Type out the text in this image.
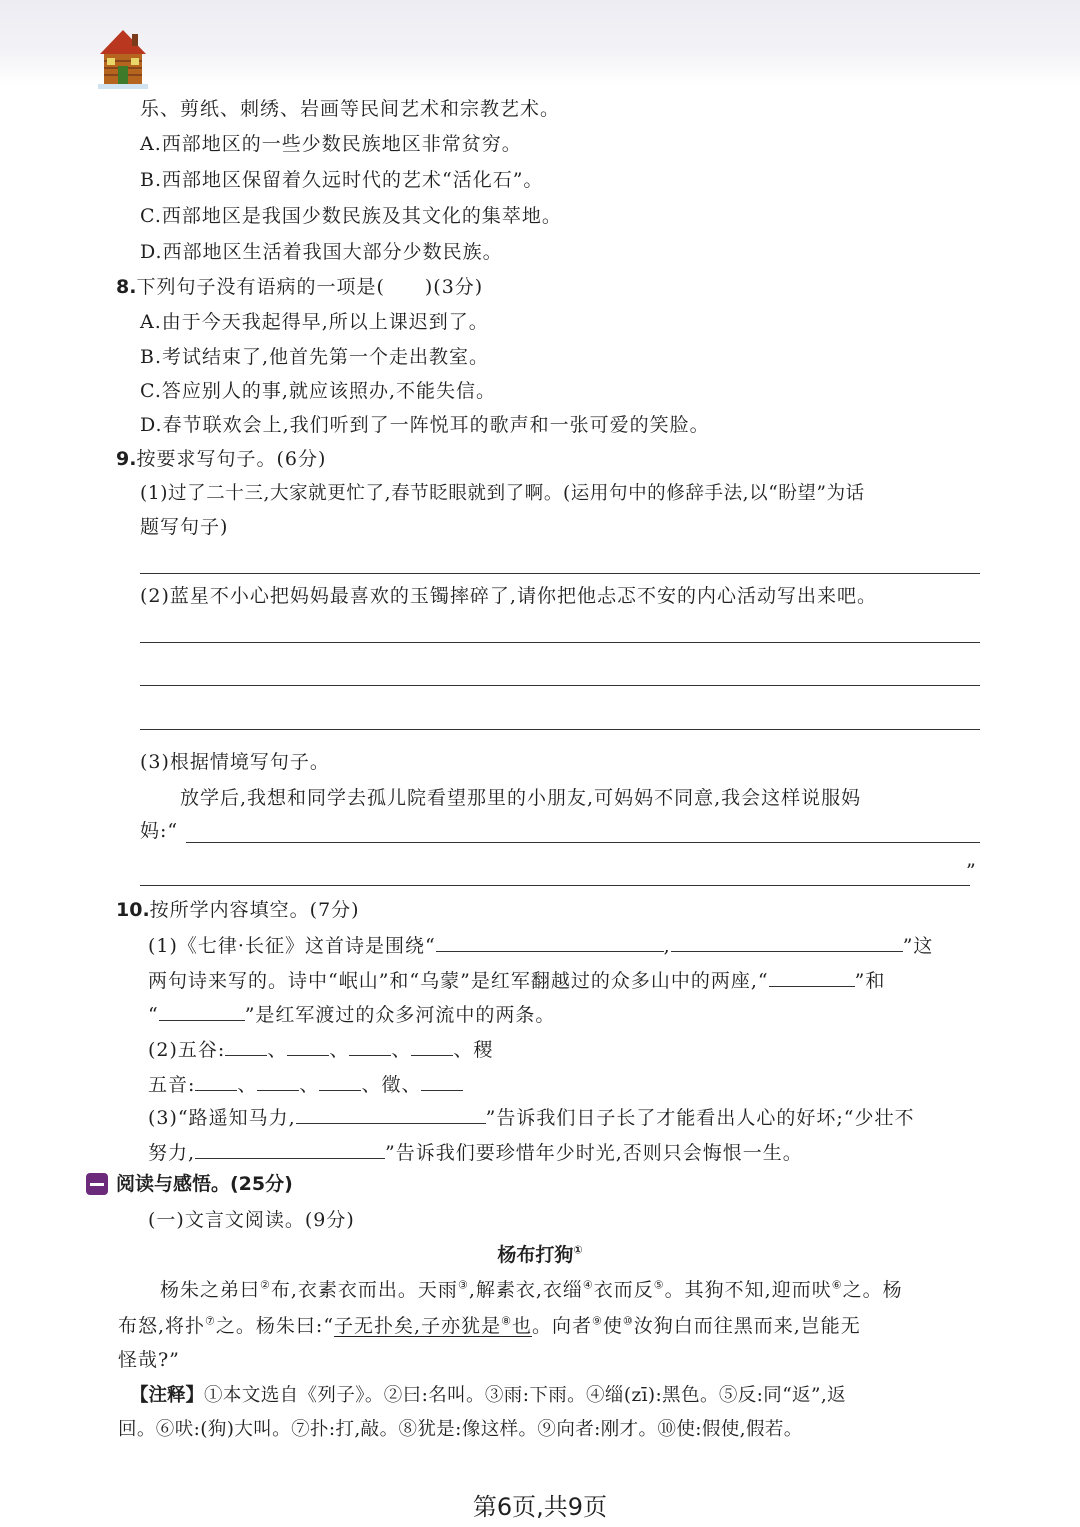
乐、剪纸、刺绣、岩画等民间艺术和宗教艺术。
A.西部地区的一些少数民族地区非常贫穷。
B.西部地区保留着久远时代的艺术“活化石”。
C.西部地区是我国少数民族及其文化的集萃地。
D.西部地区生活着我国大部分少数民族。
8.下列句子没有语病的一项是(　　)(3分)
A.由于今天我起得早,所以上课迟到了。
B.考试结束了,他首先第一个走出教室。
C.答应别人的事,就应该照办,不能失信。
D.春节联欢会上,我们听到了一阵悦耳的歌声和一张可爱的笑脸。
9.按要求写句子。(6分)
(1)过了二十三,大家就更忙了,春节眨眼就到了啊。(运用句中的修辞手法,以“盼望”为话
题写句子)
(2)蓝星不小心把妈妈最喜欢的玉镯摔碎了,请你把他忐忑不安的内心活动写出来吧。
(3)根据情境写句子。
放学后,我想和同学去孤儿院看望那里的小朋友,可妈妈不同意,我会这样说服妈
妈:“
”
10.按所学内容填空。(7分)
(1)《七律·长征》这首诗是围绕“	,	”这
两句诗来写的。诗中“岷山”和“乌蒙”是红军翻越过的众多山中的两座,“	”和
“	”是红军渡过的众多河流中的两条。
(2)五谷: 、 、 、 、稷
五音: 、 、 、徵、
(3)“路遥知马力,	”告诉我们日子长了才能看出人心的好坏;“少壮不
努力,	”告诉我们要珍惜年少时光,否则只会悔恨一生。
阅读与感悟。(25分)
(一)文言文阅读。(9分)
杨布打狗①
杨朱之弟曰②布,衣素衣而出。天雨③,解素衣,衣缁④衣而反⑤。其狗不知,迎而吠⑥之。杨
布怒,将扑⑦之。杨朱曰:“子无扑矣,子亦犹是⑧也。向者⑨使⑩汝狗白而往黑而来,岂能无
怪哉?”
【注释】①本文选自《列子》。②曰:名叫。③雨:下雨。④缁(zī):黑色。⑤反:同“返”,返
回。⑥吠:(狗)大叫。⑦扑:打,敲。⑧犹是:像这样。⑨向者:刚才。⑩使:假使,假若。
第6页,共9页
